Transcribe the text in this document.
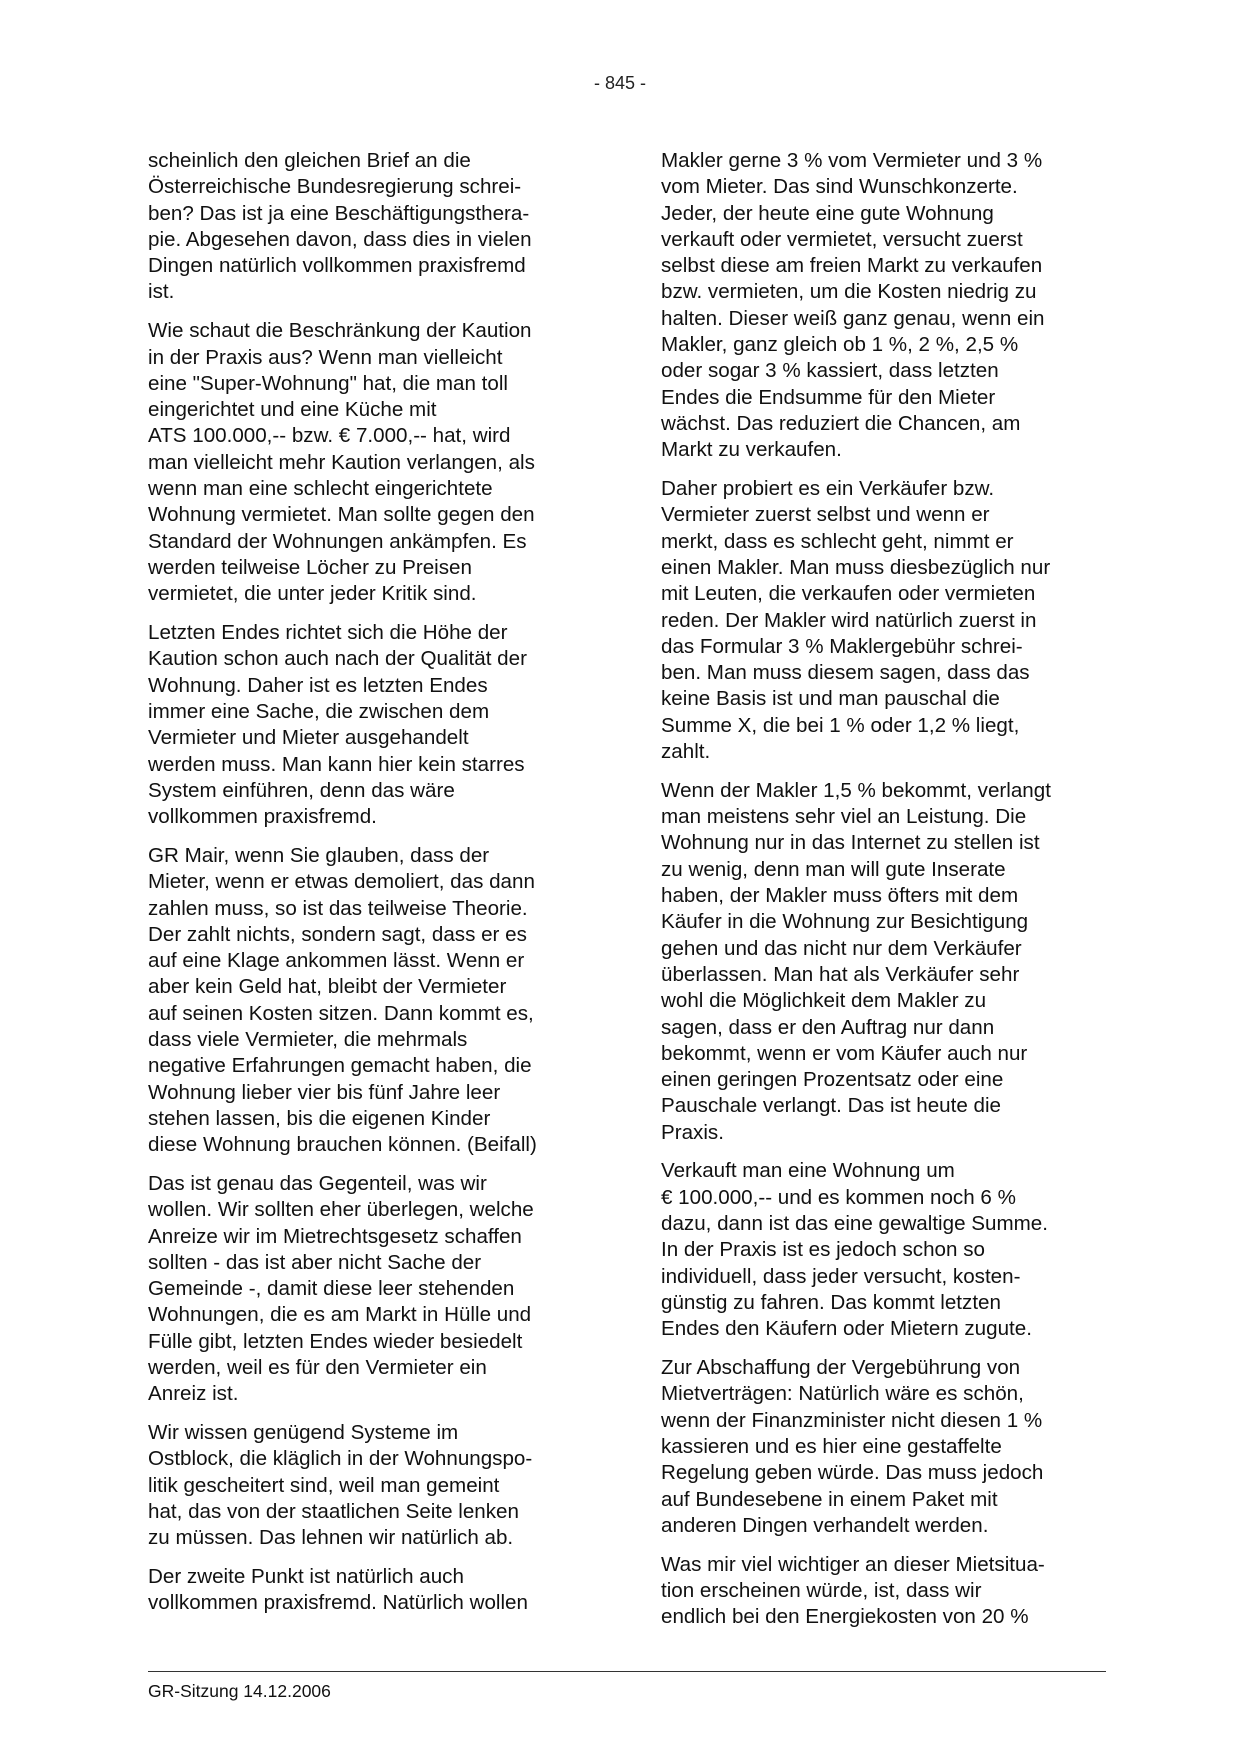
- 845 -

scheinlich den gleichen Brief an die
Österreichische Bundesregierung schrei-
ben? Das ist ja eine Beschäftigungsthera-
pie. Abgesehen davon, dass dies in vielen
Dingen natürlich vollkommen praxisfremd
ist.

Wie schaut die Beschränkung der Kaution
in der Praxis aus? Wenn man vielleicht
eine "Super-Wohnung" hat, die man toll
eingerichtet und eine Küche mit
ATS 100.000,-- bzw. € 7.000,-- hat, wird
man vielleicht mehr Kaution verlangen, als
wenn man eine schlecht eingerichtete
Wohnung vermietet. Man sollte gegen den
Standard der Wohnungen ankämpfen. Es
werden teilweise Löcher zu Preisen
vermietet, die unter jeder Kritik sind.

Letzten Endes richtet sich die Höhe der
Kaution schon auch nach der Qualität der
Wohnung. Daher ist es letzten Endes
immer eine Sache, die zwischen dem
Vermieter und Mieter ausgehandelt
werden muss. Man kann hier kein starres
System einführen, denn das wäre
vollkommen praxisfremd.

GR Mair, wenn Sie glauben, dass der
Mieter, wenn er etwas demoliert, das dann
zahlen muss, so ist das teilweise Theorie.
Der zahlt nichts, sondern sagt, dass er es
auf eine Klage ankommen lässt. Wenn er
aber kein Geld hat, bleibt der Vermieter
auf seinen Kosten sitzen. Dann kommt es,
dass viele Vermieter, die mehrmals
negative Erfahrungen gemacht haben, die
Wohnung lieber vier bis fünf Jahre leer
stehen lassen, bis die eigenen Kinder
diese Wohnung brauchen können. (Beifall)

Das ist genau das Gegenteil, was wir
wollen. Wir sollten eher überlegen, welche
Anreize wir im Mietrechtsgesetz schaffen
sollten - das ist aber nicht Sache der
Gemeinde -, damit diese leer stehenden
Wohnungen, die es am Markt in Hülle und
Fülle gibt, letzten Endes wieder besiedelt
werden, weil es für den Vermieter ein
Anreiz ist.

Wir wissen genügend Systeme im
Ostblock, die kläglich in der Wohnungspo-
litik gescheitert sind, weil man gemeint
hat, das von der staatlichen Seite lenken
zu müssen. Das lehnen wir natürlich ab.

Der zweite Punkt ist natürlich auch
vollkommen praxisfremd. Natürlich wollen

Makler gerne 3 % vom Vermieter und 3 %
vom Mieter. Das sind Wunschkonzerte.
Jeder, der heute eine gute Wohnung
verkauft oder vermietet, versucht zuerst
selbst diese am freien Markt zu verkaufen
bzw. vermieten, um die Kosten niedrig zu
halten. Dieser weiß ganz genau, wenn ein
Makler, ganz gleich ob 1 %, 2 %, 2,5 %
oder sogar 3 % kassiert, dass letzten
Endes die Endsumme für den Mieter
wächst. Das reduziert die Chancen, am
Markt zu verkaufen.

Daher probiert es ein Verkäufer bzw.
Vermieter zuerst selbst und wenn er
merkt, dass es schlecht geht, nimmt er
einen Makler. Man muss diesbezüglich nur
mit Leuten, die verkaufen oder vermieten
reden. Der Makler wird natürlich zuerst in
das Formular 3 % Maklergebühr schrei-
ben. Man muss diesem sagen, dass das
keine Basis ist und man pauschal die
Summe X, die bei 1 % oder 1,2 % liegt,
zahlt.

Wenn der Makler 1,5 % bekommt, verlangt
man meistens sehr viel an Leistung. Die
Wohnung nur in das Internet zu stellen ist
zu wenig, denn man will gute Inserate
haben, der Makler muss öfters mit dem
Käufer in die Wohnung zur Besichtigung
gehen und das nicht nur dem Verkäufer
überlassen. Man hat als Verkäufer sehr
wohl die Möglichkeit dem Makler zu
sagen, dass er den Auftrag nur dann
bekommt, wenn er vom Käufer auch nur
einen geringen Prozentsatz oder eine
Pauschale verlangt. Das ist heute die
Praxis.

Verkauft man eine Wohnung um
€ 100.000,-- und es kommen noch 6 %
dazu, dann ist das eine gewaltige Summe.
In der Praxis ist es jedoch schon so
individuell, dass jeder versucht, kosten-
günstig zu fahren. Das kommt letzten
Endes den Käufern oder Mietern zugute.

Zur Abschaffung der Vergebührung von
Mietverträgen: Natürlich wäre es schön,
wenn der Finanzminister nicht diesen 1 %
kassieren und es hier eine gestaffelte
Regelung geben würde. Das muss jedoch
auf Bundesebene in einem Paket mit
anderen Dingen verhandelt werden.

Was mir viel wichtiger an dieser Mietsitua-
tion erscheinen würde, ist, dass wir
endlich bei den Energiekosten von 20 %

GR-Sitzung 14.12.2006
